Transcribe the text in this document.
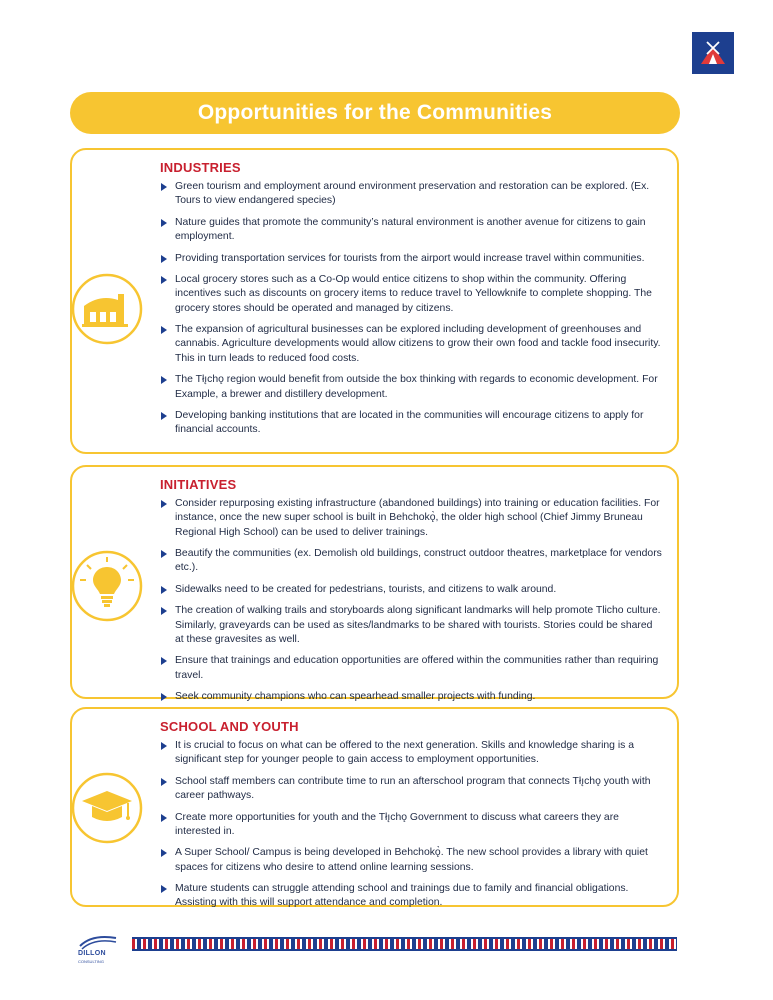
Opportunities for the Communities
INDUSTRIES
Green tourism and employment around environment preservation and restoration can be explored. (Ex. Tours to view endangered species)
Nature guides that promote the community’s natural environment is another avenue for citizens to gain employment.
Providing transportation services for tourists from the airport would increase travel within communities.
Local grocery stores such as a Co-Op would entice citizens to shop within the community. Offering incentives such as discounts on grocery items to reduce travel to Yellowknife to complete shopping. The grocery stores should be operated and managed by citizens.
The expansion of agricultural businesses can be explored including development of greenhouses and cannabis. Agriculture developments would allow citizens to grow their own food and tackle food insecurity. This in turn leads to reduced food costs.
The Tłı̨chǫ region would benefit from outside the box thinking with regards to economic development. For Example, a brewer and distillery development.
Developing banking institutions that are located in the communities will encourage citizens to apply for financial accounts.
INITIATIVES
Consider repurposing existing infrastructure (abandoned buildings) into training or education facilities. For instance, once the new super school is built in Behchokǫ̀, the older high school (Chief Jimmy Bruneau Regional High School) can be used to deliver trainings.
Beautify the communities (ex. Demolish old buildings, construct outdoor theatres, marketplace for vendors etc.).
Sidewalks need to be created for pedestrians, tourists, and citizens to walk around.
The creation of walking trails and storyboards along significant landmarks will help promote Tlicho culture. Similarly, graveyards can be used as sites/landmarks to be shared with tourists. Stories could be shared at these gravesites as well.
Ensure that trainings and education opportunities are offered within the communities rather than requiring travel.
Seek community champions who can spearhead smaller projects with funding.
SCHOOL AND YOUTH
It is crucial to focus on what can be offered to the next generation. Skills and knowledge sharing is a significant step for younger people to gain access to employment opportunities.
School staff members can contribute time to run an afterschool program that connects Tłı̨chǫ youth with career pathways.
Create more opportunities for youth and the Tłı̨chǫ Government to discuss what careers they are interested in.
A Super School/ Campus is being developed in Behchokǫ̀. The new school provides a library with quiet spaces for citizens who desire to attend online learning sessions.
Mature students can struggle attending school and trainings due to family and financial obligations. Assisting with this will support attendance and completion.
DILLON
CONSULTING
